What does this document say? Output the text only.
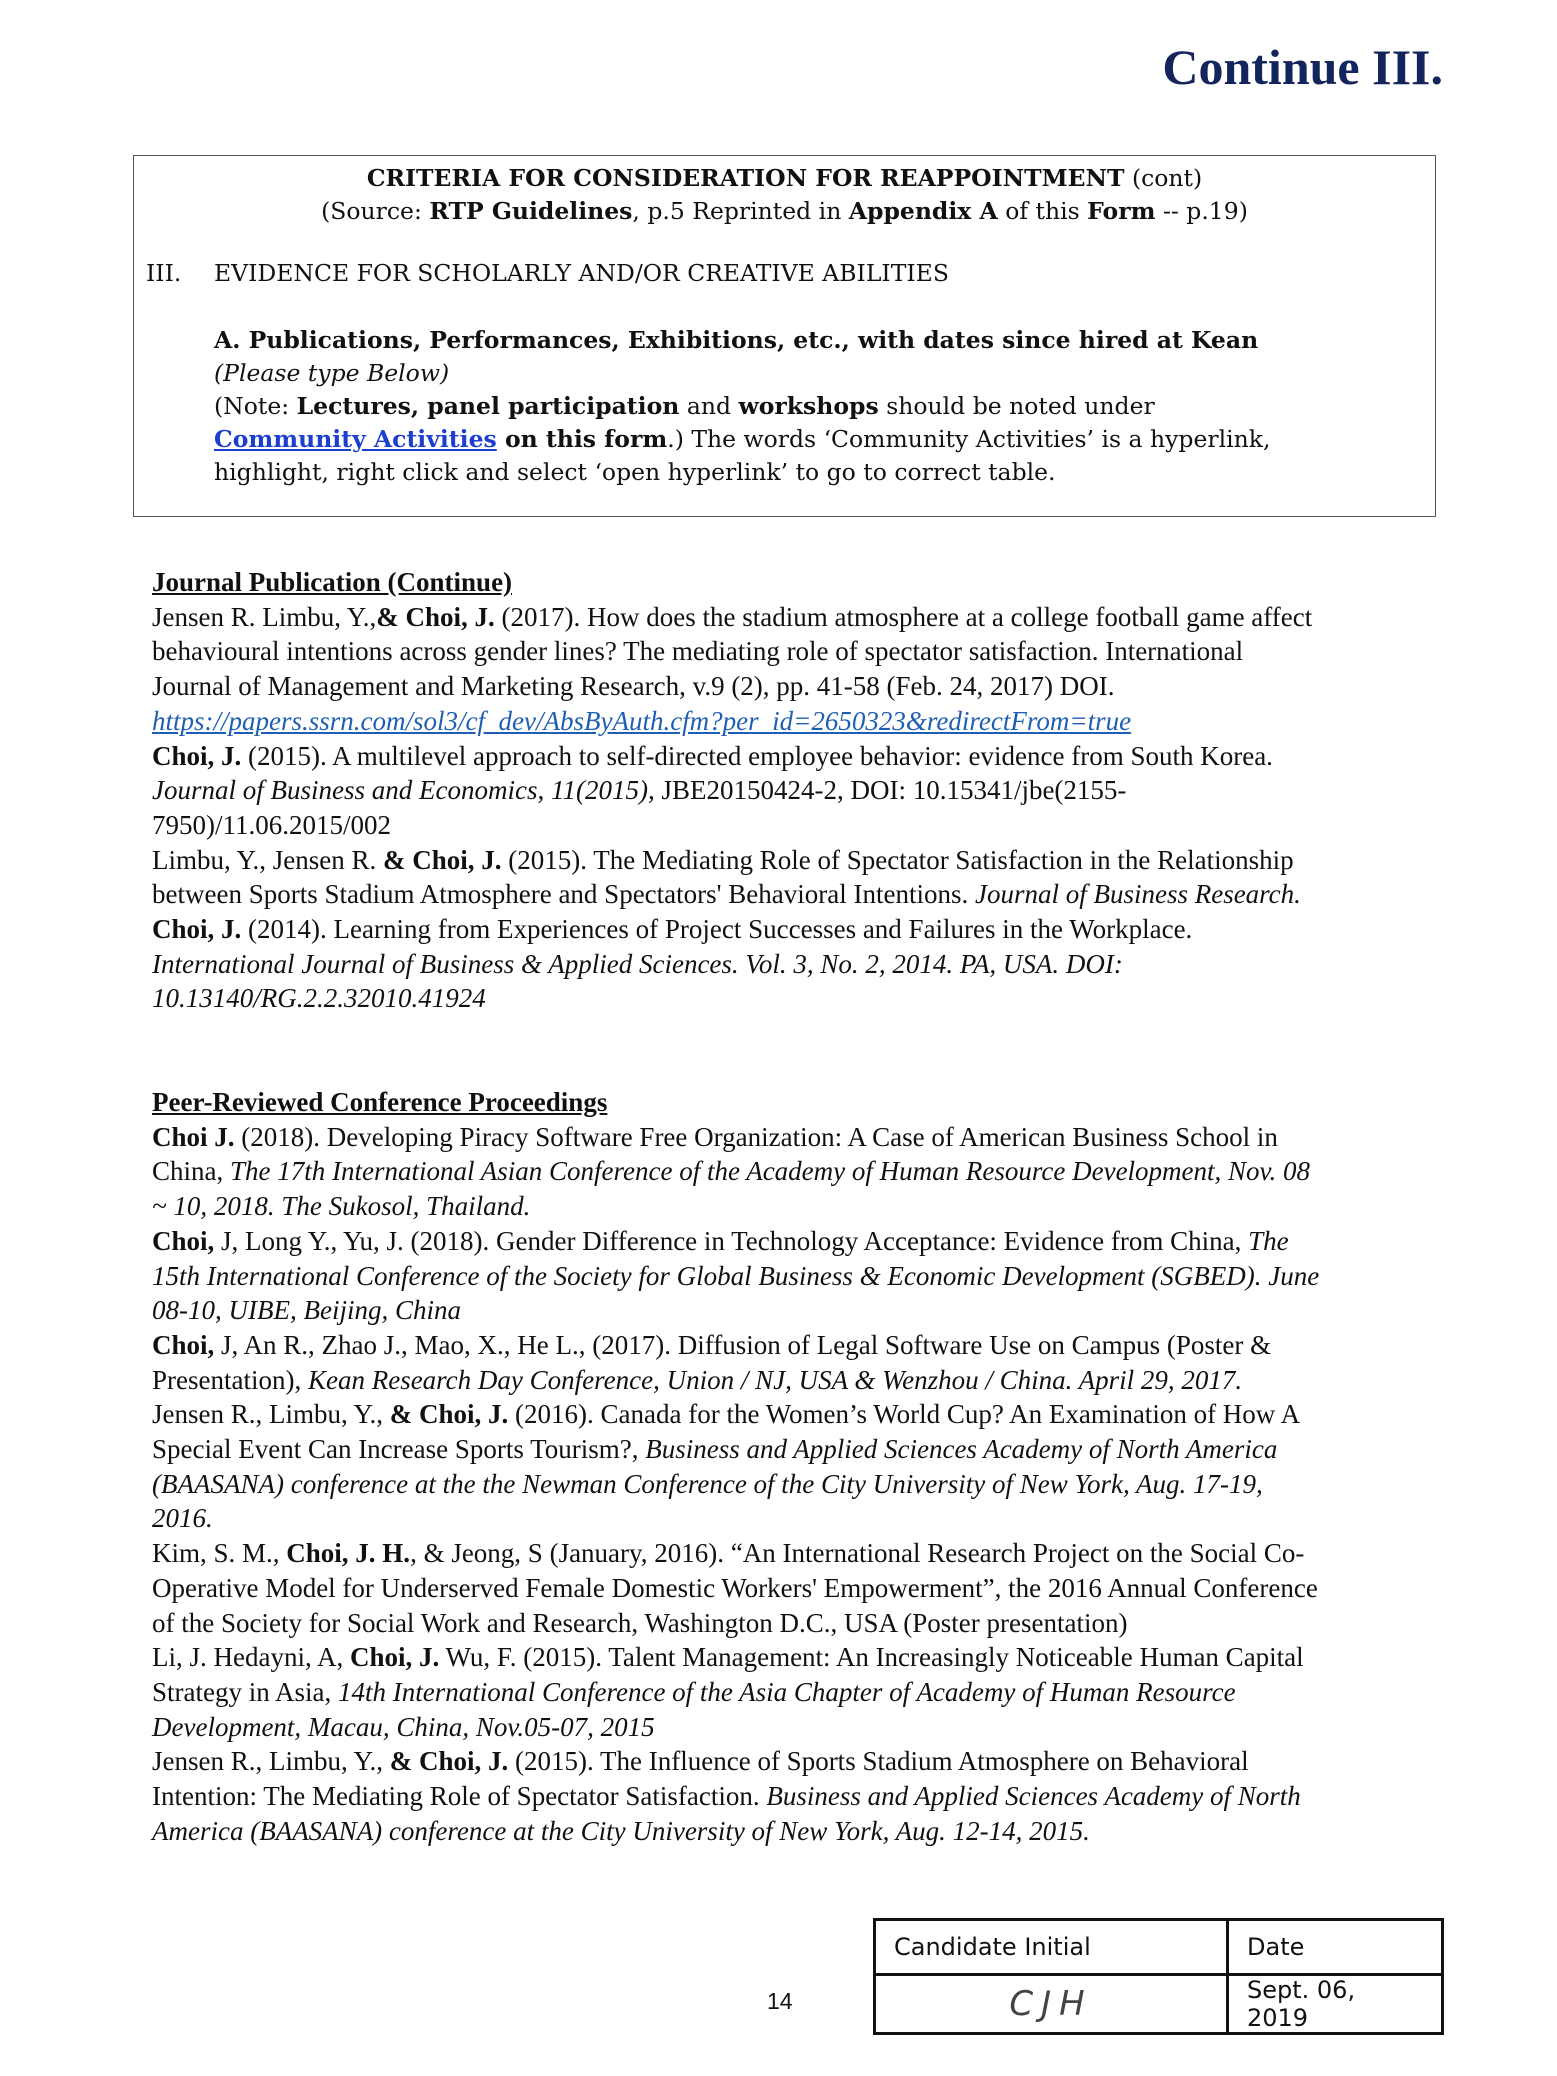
Continue III.
CRITERIA FOR CONSIDERATION FOR REAPPOINTMENT (cont)
(Source: RTP Guidelines, p.5 Reprinted in Appendix A of this Form -- p.19)
III. EVIDENCE FOR SCHOLARLY AND/OR CREATIVE ABILITIES
A. Publications, Performances, Exhibitions, etc., with dates since hired at Kean
(Please type Below)
(Note: Lectures, panel participation and workshops should be noted under
Community Activities on this form.) The words ‘Community Activities’ is a hyperlink,
highlight, right click and select ‘open hyperlink’ to go to correct table.
Journal Publication (Continue)
Jensen R. Limbu, Y.,& Choi, J. (2017). How does the stadium atmosphere at a college football game affect
behavioural intentions across gender lines? The mediating role of spectator satisfaction. International
Journal of Management and Marketing Research, v.9 (2), pp. 41-58 (Feb. 24, 2017) DOI.
https://papers.ssrn.com/sol3/cf_dev/AbsByAuth.cfm?per_id=2650323&redirectFrom=true
Choi, J. (2015). A multilevel approach to self-directed employee behavior: evidence from South Korea.
Journal of Business and Economics, 11(2015), JBE20150424-2, DOI: 10.15341/jbe(2155-
7950)/11.06.2015/002
Limbu, Y., Jensen R. & Choi, J. (2015). The Mediating Role of Spectator Satisfaction in the Relationship
between Sports Stadium Atmosphere and Spectators' Behavioral Intentions. Journal of Business Research.
Choi, J. (2014). Learning from Experiences of Project Successes and Failures in the Workplace.
International Journal of Business & Applied Sciences. Vol. 3, No. 2, 2014. PA, USA. DOI:
10.13140/RG.2.2.32010.41924
Peer-Reviewed Conference Proceedings
Choi J. (2018). Developing Piracy Software Free Organization: A Case of American Business School in
China, The 17th International Asian Conference of the Academy of Human Resource Development, Nov. 08
~ 10, 2018. The Sukosol, Thailand.
Choi, J, Long Y., Yu, J. (2018). Gender Difference in Technology Acceptance: Evidence from China, The
15th International Conference of the Society for Global Business & Economic Development (SGBED). June
08-10, UIBE, Beijing, China
Choi, J, An R., Zhao J., Mao, X., He L., (2017). Diffusion of Legal Software Use on Campus (Poster &
Presentation), Kean Research Day Conference, Union / NJ, USA & Wenzhou / China. April 29, 2017.
Jensen R., Limbu, Y., & Choi, J. (2016). Canada for the Women’s World Cup? An Examination of How A
Special Event Can Increase Sports Tourism?, Business and Applied Sciences Academy of North America
(BAASANA) conference at the the Newman Conference of the City University of New York, Aug. 17-19,
2016.
Kim, S. M., Choi, J. H., & Jeong, S (January, 2016). “An International Research Project on the Social Co-
Operative Model for Underserved Female Domestic Workers' Empowerment”, the 2016 Annual Conference
of the Society for Social Work and Research, Washington D.C., USA (Poster presentation)
Li, J. Hedayni, A, Choi, J. Wu, F. (2015). Talent Management: An Increasingly Noticeable Human Capital
Strategy in Asia, 14th International Conference of the Asia Chapter of Academy of Human Resource
Development, Macau, China, Nov.05-07, 2015
Jensen R., Limbu, Y., & Choi, J. (2015). The Influence of Sports Stadium Atmosphere on Behavioral
Intention: The Mediating Role of Spectator Satisfaction. Business and Applied Sciences Academy of North
America (BAASANA) conference at the City University of New York, Aug. 12-14, 2015.
14
Candidate Initial	Date
CJH	Sept. 06, 2019
